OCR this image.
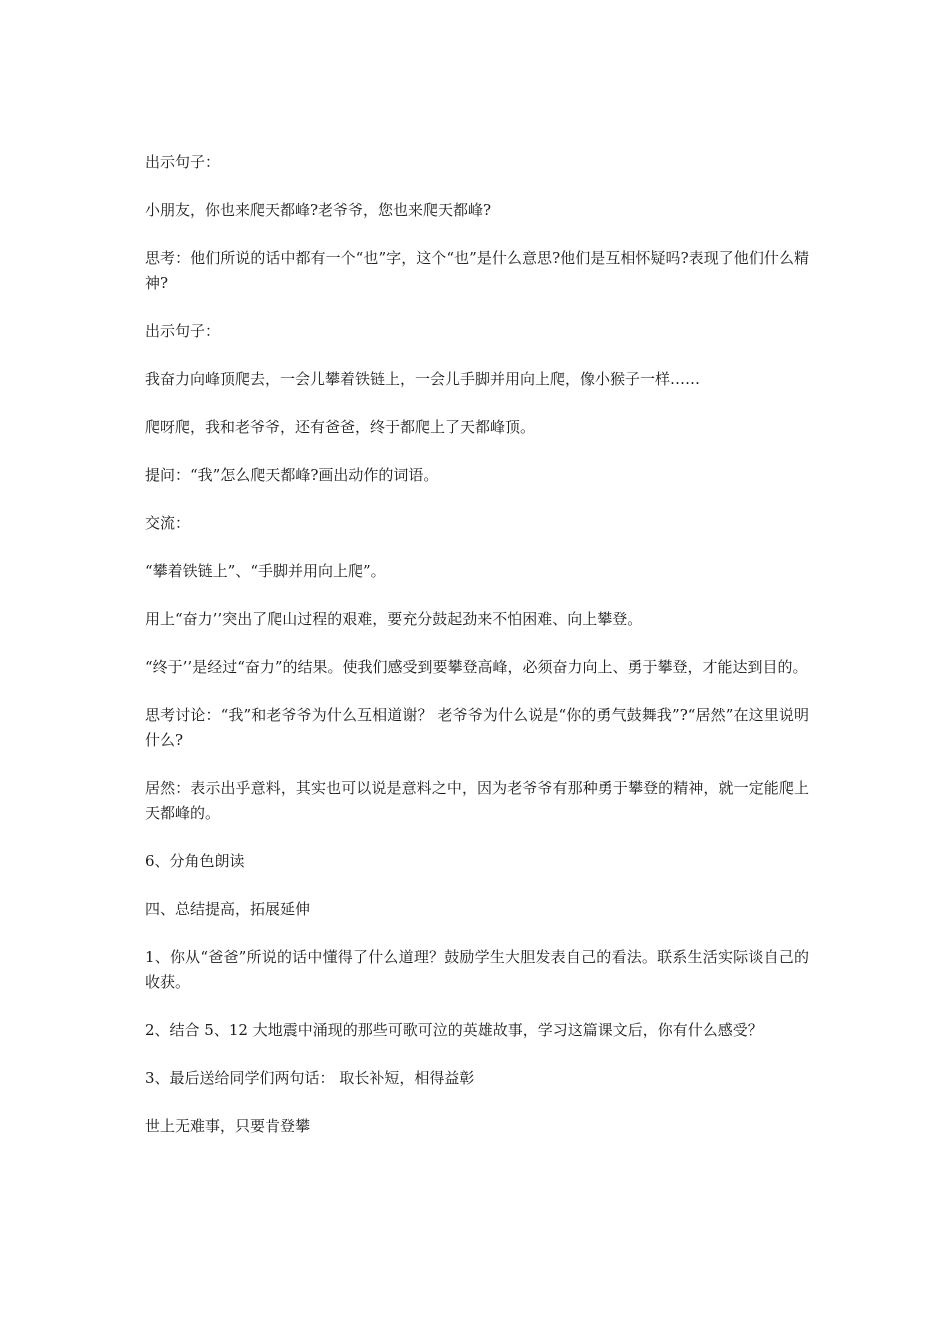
出示句子：

小朋友，你也来爬天都峰?老爷爷，您也来爬天都峰?

思考：他们所说的话中都有一个“也”字，这个“也”是什么意思?他们是互相怀疑吗?表现了他们什么精神?

出示句子：

我奋力向峰顶爬去，一会儿攀着铁链上，一会儿手脚并用向上爬，像小猴子一样……

爬呀爬，我和老爷爷，还有爸爸，终于都爬上了天都峰顶。

提问：“我”怎么爬天都峰?画出动作的词语。

交流：

“攀着铁链上”、“手脚并用向上爬”。

用上“奋力’’突出了爬山过程的艰难，要充分鼓起劲来不怕困难、向上攀登。

“终于’’是经过“奋力”的结果。使我们感受到要攀登高峰，必须奋力向上、勇于攀登，才能达到目的。

思考讨论：“我”和老爷爷为什么互相道谢？ 老爷爷为什么说是“你的勇气鼓舞我”?“居然”在这里说明什么?

居然：表示出乎意料，其实也可以说是意料之中，因为老爷爷有那种勇于攀登的精神，就一定能爬上天都峰的。

6、分角色朗读

四、总结提高，拓展延伸

1、你从“爸爸”所说的话中懂得了什么道理？鼓励学生大胆发表自己的看法。联系生活实际谈自己的收获。

2、结合 5、12 大地震中涌现的那些可歌可泣的英雄故事，学习这篇课文后，你有什么感受？

3、最后送给同学们两句话： 取长补短，相得益彰

世上无难事，只要肯登攀
